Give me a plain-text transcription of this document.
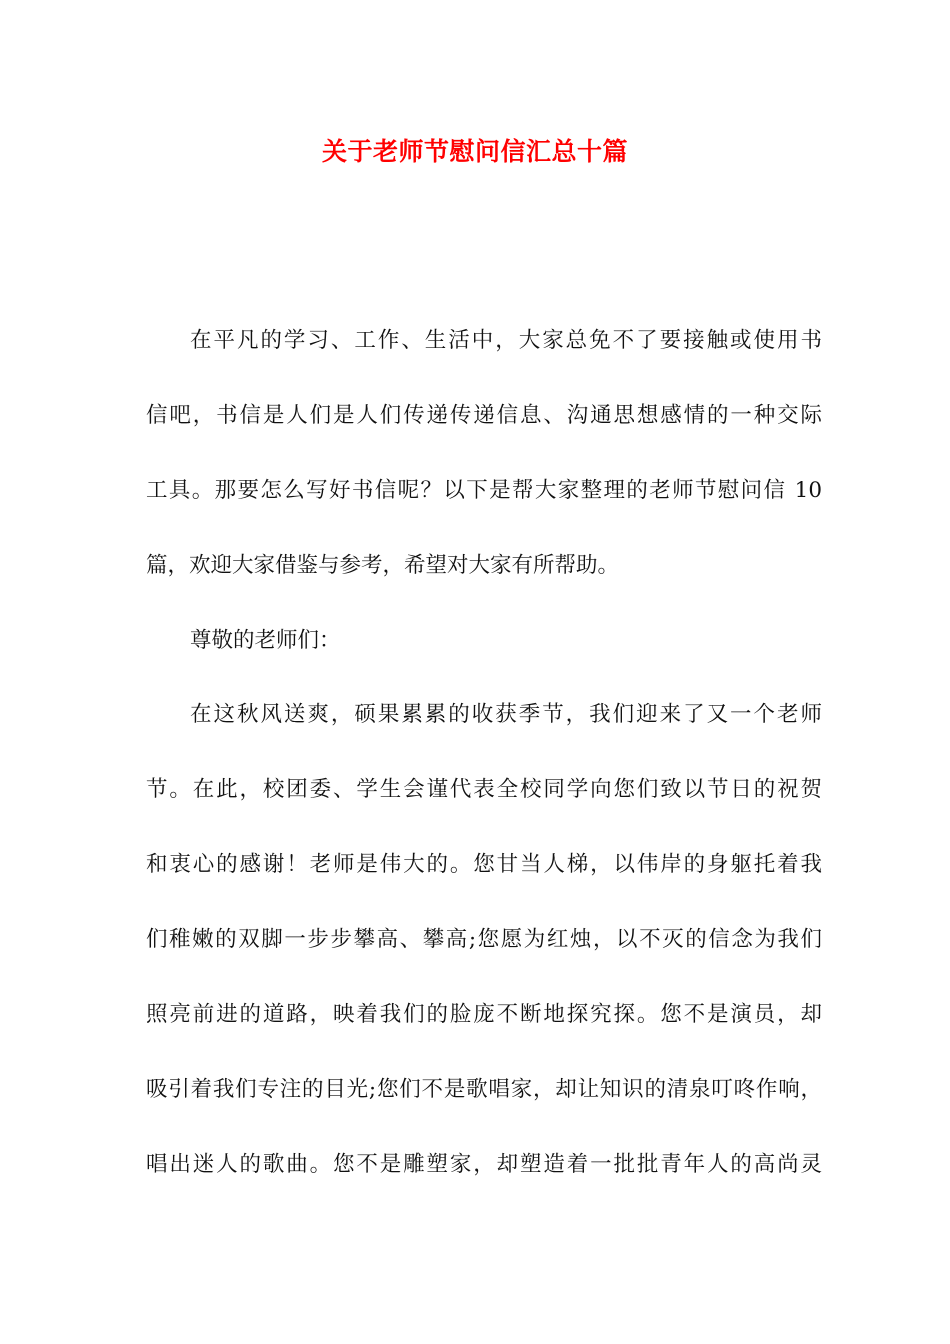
关于老师节慰问信汇总十篇
在平凡的学习、工作、生活中，大家总免不了要接触或使用书
信吧，书信是人们是人们传递传递信息、沟通思想感情的一种交际
工具。那要怎么写好书信呢？以下是帮大家整理的老师节慰问信 10
篇，欢迎大家借鉴与参考，希望对大家有所帮助。
尊敬的老师们：
在这秋风送爽，硕果累累的收获季节，我们迎来了又一个老师
节。在此，校团委、学生会谨代表全校同学向您们致以节日的祝贺
和衷心的感谢！老师是伟大的。您甘当人梯，以伟岸的身躯托着我
们稚嫩的双脚一步步攀高、攀高;您愿为红烛，以不灭的信念为我们
照亮前进的道路，映着我们的脸庞不断地探究探。您不是演员，却
吸引着我们专注的目光;您们不是歌唱家，却让知识的清泉叮咚作响，
唱出迷人的歌曲。您不是雕塑家，却塑造着一批批青年人的高尚灵
